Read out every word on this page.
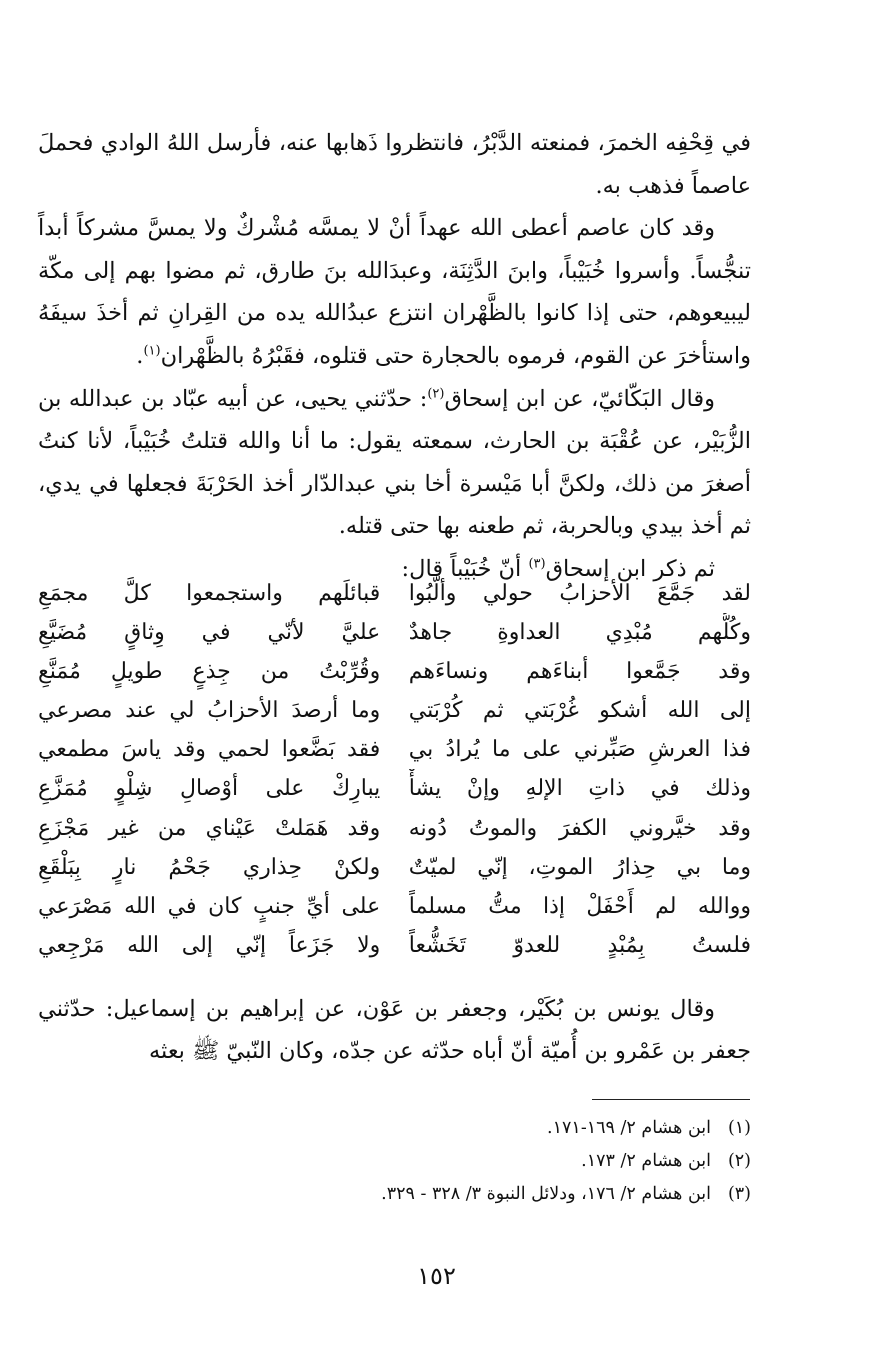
في قِحْفِه الخمرَ، فمنعته الدَّبْرُ، فانتظروا ذَهابها عنه، فأرسل اللهُ الوادي فحملَ عاصماً فذهب به.

وقد كان عاصم أعطى الله عهداً أنْ لا يمسَّه مُشْركٌ ولا يمسَّ مشركاً أبداً تنجُّساً. وأسروا خُبَيْباً، وابنَ الدَّثِنَة، وعبدَالله بنَ طارق، ثم مضوا بهم إلى مكّة ليبيعوهم، حتى إذا كانوا بالظَّهْران انتزع عبدُالله يده من القِرانِ ثم أخذَ سيفَهُ واستأخرَ عن القوم، فرموه بالحجارة حتى قتلوه، فقَبْرُهُ بالظَّهْران$^{(١)}$.

وقال البَكّائيّ، عن ابن إسحاق$^{(٢)}$: حدّثني يحيى، عن أبيه عبّاد بن عبدالله بن الزُّبَيْر، عن عُقْبَة بن الحارث، سمعته يقول: ما أنا والله قتلتُ خُبَيْباً، لأنا كنتُ أصغرَ من ذلك، ولكنَّ أبا مَيْسرة أخا بني عبدالدّار أخذ الحَرْبَةَ فجعلها في يدي، ثم أخذ بيدي وبالحربة، ثم طعنه بها حتى قتله.

ثم ذكر ابن إسحاق$^{(٣)}$ أنّ خُبَيْباً قال:

لقد جَمَّعَ الأحزابُ حولي وألَّبُوا
قبائلَهم واستجمعوا كلَّ مجمَعِ
وكُلُّهم مُبْدِي العداوةِ جاهدٌ
عليَّ لأنّي في وِثاقٍ مُضَيَّعِ
وقد جَمَّعوا أبناءَهم ونساءَهم
وقُرِّبْتُ من جِذعٍ طويلٍ مُمَنَّعِ
إلى الله أشكو غُرْبَتي ثم كُرْبَتي
وما أرصدَ الأحزابُ لي عند مصرعي
فذا العرشِ صَبِّرني على ما يُرادُ بي
فقد بَضَّعوا لحمي وقد ياسَ مطمعي
وذلك في ذاتِ الإلهِ وإنْ يشأْ
يبارِكْ على أوْصالِ شِلْوٍ مُمَزَّعِ
وقد خيَّروني الكفرَ والموتُ دُونه
وقد هَمَلتْ عَيْناي من غير مَجْزَعِ
وما بي حِذارُ الموتِ، إنّي لميّتٌ
ولكنْ حِذاري جَحْمُ نارٍ بِبَلْقَعِ
ووالله لم أَحْفَلْ إذا متُّ مسلماً
على أيِّ جنبٍ كان في الله مَصْرَعي
فلستُ بِمُبْدٍ للعدوّ تَخَشُّعاً
ولا جَزَعاً إنّي إلى الله مَرْجِعي

وقال يونس بن بُكَيْر، وجعفر بن عَوْن، عن إبراهيم بن إسماعيل: حدّثني جعفر بن عَمْرو بن أُميّة أنّ أباه حدّثه عن جدّه، وكان النّبيّ ﷺ بعثه

(١)
ابن هشام ٢/ ١٦٩-١٧١.
(٢)
ابن هشام ٢/ ١٧٣.
(٣)
ابن هشام ٢/ ١٧٦، ودلائل النبوة ٣/ ٣٢٨ - ٣٢٩.
١٥٢
